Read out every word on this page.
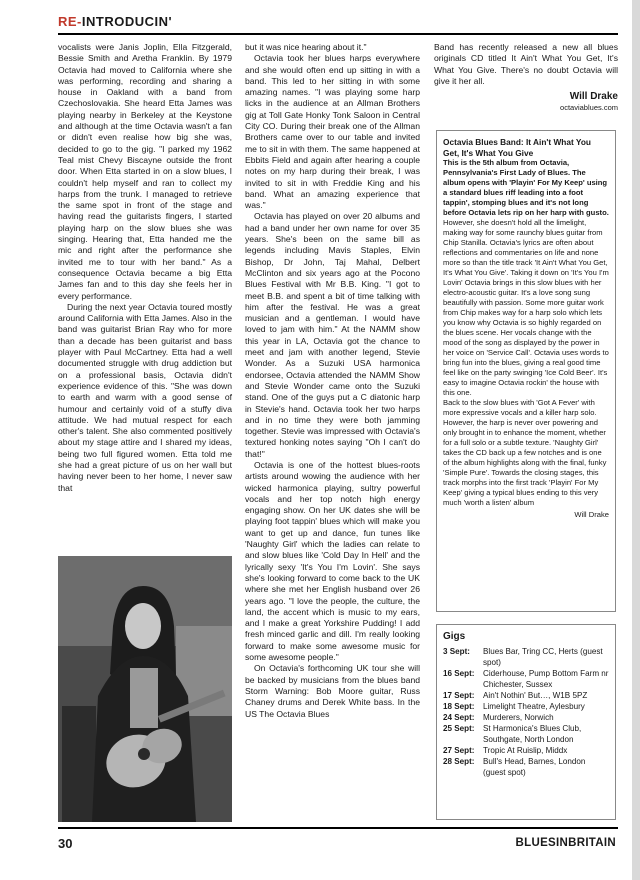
RE-INTRODUCIN'

vocalists were Janis Joplin, Ella Fitzgerald, Bessie Smith and Aretha Franklin. By 1979 Octavia had moved to California where she was performing, recording and sharing a house in Oakland with a band from Czechoslovakia. She heard Etta James was playing nearby in Berkeley at the Keystone and although at the time Octavia wasn't a fan or didn't even realise how big she was, decided to go to the gig. "I parked my 1962 Teal mist Chevy Biscayne outside the front door. When Etta started in on a slow blues, I couldn't help myself and ran to collect my harps from the trunk. I managed to retrieve the same spot in front of the stage and having read the guitarists fingers, I started playing harp on the slow blues she was singing. Hearing that, Etta handed me the mic and right after the performance she invited me to tour with her band." As a consequence Octavia became a big Etta James fan and to this day she feels her in every performance.

During the next year Octavia toured mostly around California with Etta James. Also in the band was guitarist Brian Ray who for more than a decade has been guitarist and bass player with Paul McCartney. Etta had a well documented struggle with drug addiction but on a professional basis, Octavia didn't experience evidence of this. "She was down to earth and warm with a good sense of humour and certainly void of a stuffy diva attitude. We had mutual respect for each other's talent. She also commented positively about my stage attire and I shared my ideas, being two full figured women. Etta told me she had a great picture of us on her wall but having never been to her home, I never saw that

but it was nice hearing about it."

Octavia took her blues harps everywhere and she would often end up sitting in with a band. This led to her sitting in with some amazing names. "I was playing some harp licks in the audience at an Allman Brothers gig at Toll Gate Honky Tonk Saloon in Central City CO. During their break one of the Allman Brothers came over to our table and invited me to sit in with them. The same happened at Ebbits Field and again after hearing a couple notes on my harp during their break, I was invited to sit in with Freddie King and his band. What an amazing experience that was."

Octavia has played on over 20 albums and had a band under her own name for over 35 years. She's been on the same bill as legends including Mavis Staples, Elvin Bishop, Dr John, Taj Mahal, Delbert McClinton and six years ago at the Pocono Blues Festival with Mr B.B. King. "I got to meet B.B. and spent a bit of time talking with him after the festival. He was a great musician and a gentleman. I would have loved to jam with him." At the NAMM show this year in LA, Octavia got the chance to meet and jam with another legend, Stevie Wonder. As a Suzuki USA harmonica endorsee, Octavia attended the NAMM Show and Stevie Wonder came onto the Suzuki stand. One of the guys put a C diatonic harp in Stevie's hand. Octavia took her two harps and in no time they were both jamming together. Stevie was impressed with Octavia's textured honking notes saying "Oh I can't do that!"

Octavia is one of the hottest blues-roots artists around wowing the audience with her wicked harmonica playing, sultry powerful vocals and her top notch high energy engaging show. On her UK dates she will be playing foot tappin' blues which will make you want to get up and dance, fun tunes like 'Naughty Girl' which the ladies can relate to and slow blues like 'Cold Day In Hell' and the lyrically sexy 'It's You I'm Lovin'. She says she's looking forward to come back to the UK where she met her English husband over 26 years ago. "I love the people, the culture, the land, the accent which is music to my ears, and I make a great Yorkshire Pudding! I add fresh minced garlic and dill. I'm really looking forward to make some awesome music for some awesome people."

On Octavia's forthcoming UK tour she will be backed by musicians from the blues band Storm Warning: Bob Moore guitar, Russ Chaney drums and Derek White bass. In the US The Octavia Blues

Band has recently released a new all blues originals CD titled It Ain't What You Get, It's What You Give. There's no doubt Octavia will give it her all.

Will Drake
octaviablues.com
Octavia Blues Band: It Ain't What You Get, It's What You Give
This is the 5th album from Octavia, Pennsylvania's First Lady of Blues. The album opens with 'Playin' For My Keep' using a standard blues riff leading into a foot tappin', stomping blues and it's not long before Octavia lets rip on her harp with gusto.
However, she doesn't hold all the limelight, making way for some raunchy blues guitar from Chip Stanilla. Octavia's lyrics are often about reflections and commentaries on life and none more so than the title track 'It Ain't What You Get, It's What You Give'. Taking it down on 'It's You I'm Lovin' Octavia brings in this slow blues with her electro-acoustic guitar. It's a love song sung beautifully with passion. Some more guitar work from Chip makes way for a harp solo which lets you know why Octavia is so highly regarded on the blues scene. Her vocals change with the mood of the song as displayed by the power in her voice on 'Service Call'. Octavia uses words to bring fun into the blues, giving a real good time feel like on the party swinging 'Ice Cold Beer'. It's easy to imagine Octavia rockin' the house with this one.
Back to the slow blues with 'Got A Fever' with more expressive vocals and a killer harp solo. However, the harp is never over powering and only brought in to enhance the moment, whether for a full solo or a subtle texture. 'Naughty Girl' takes the CD back up a few notches and is one of the album highlights along with the final, funky 'Simple Pure'. Towards the closing stages, this track morphs into the first track 'Playin' For My Keep' giving a typical blues ending to this very much 'worth a listen' album
Will Drake
Gigs
3 Sept:	Blues Bar, Tring CC, Herts (guest spot)
16 Sept:	Ciderhouse, Pump Bottom Farm nr Chichester, Sussex
17 Sept:	Ain't Nothin' But…, W1B 5PZ
18 Sept:	Limelight Theatre, Aylesbury
24 Sept:	Murderers, Norwich
25 Sept:	St Harmonica's Blues Club, Southgate, North London
27 Sept:	Tropic At Ruislip, Middx
28 Sept:	Bull's Head, Barnes, London (guest spot)
30	BLUESINBRITAIN
